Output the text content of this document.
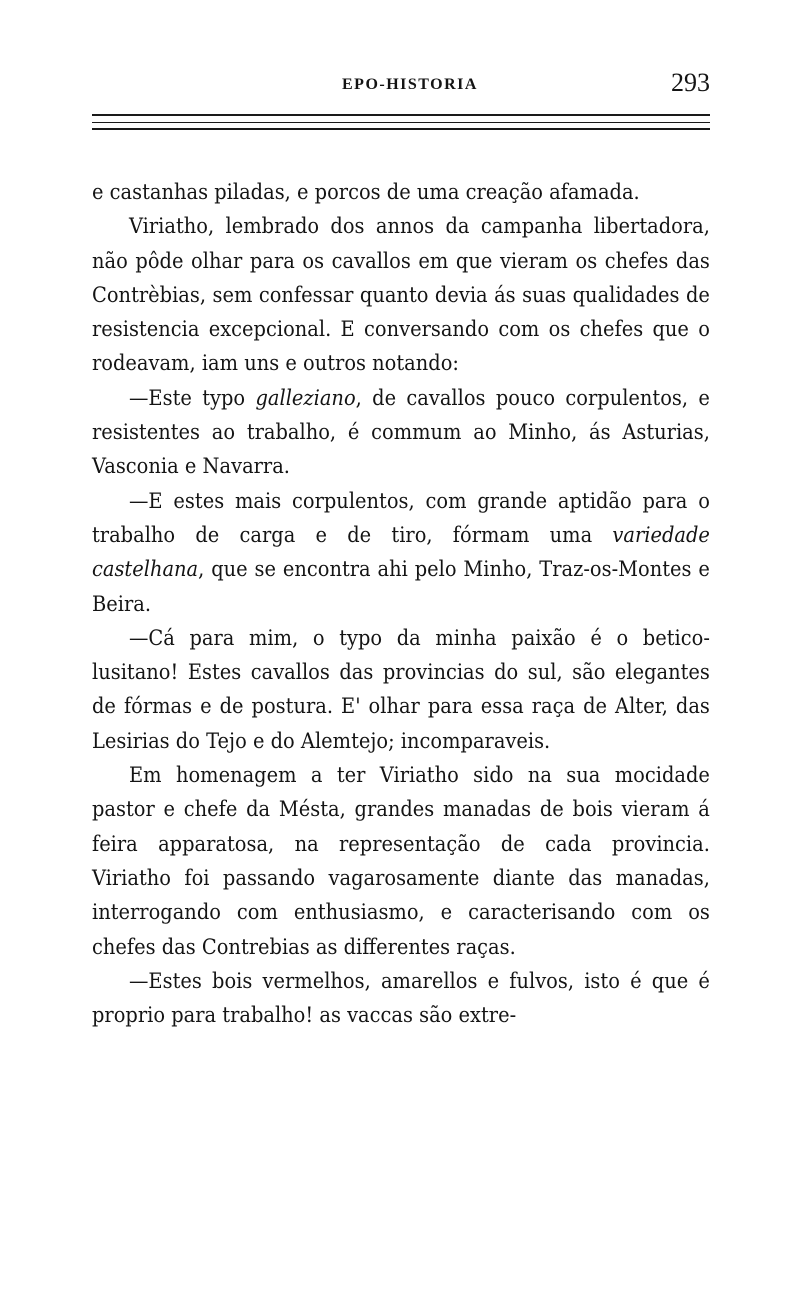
EPO-HISTORIA	293

e castanhas piladas, e porcos de uma creação afamada.

Viriatho, lembrado dos annos da campanha libertadora, não pôde olhar para os cavallos em que vieram os chefes das Contrèbias, sem confessar quanto devia ás suas qualidades de resistencia excepcional. E conversando com os chefes que o rodeavam, iam uns e outros notando:

—Este typo galleziano, de cavallos pouco corpulentos, e resistentes ao trabalho, é commum ao Minho, ás Asturias, Vasconia e Navarra.

—E estes mais corpulentos, com grande aptidão para o trabalho de carga e de tiro, fórmam uma variedade castelhana, que se encontra ahi pelo Minho, Traz-os-Montes e Beira.

—Cá para mim, o typo da minha paixão é o betico-lusitano! Estes cavallos das provincias do sul, são elegantes de fórmas e de postura. E' olhar para essa raça de Alter, das Lesirias do Tejo e do Alemtejo; incomparaveis.

Em homenagem a ter Viriatho sido na sua mocidade pastor e chefe da Mésta, grandes manadas de bois vieram á feira apparatosa, na representação de cada provincia. Viriatho foi passando vagarosamente diante das manadas, interrogando com enthusiasmo, e caracterisando com os chefes das Contrebias as differentes raças.

—Estes bois vermelhos, amarellos e fulvos, isto é que é proprio para trabalho! as vaccas são extre-
